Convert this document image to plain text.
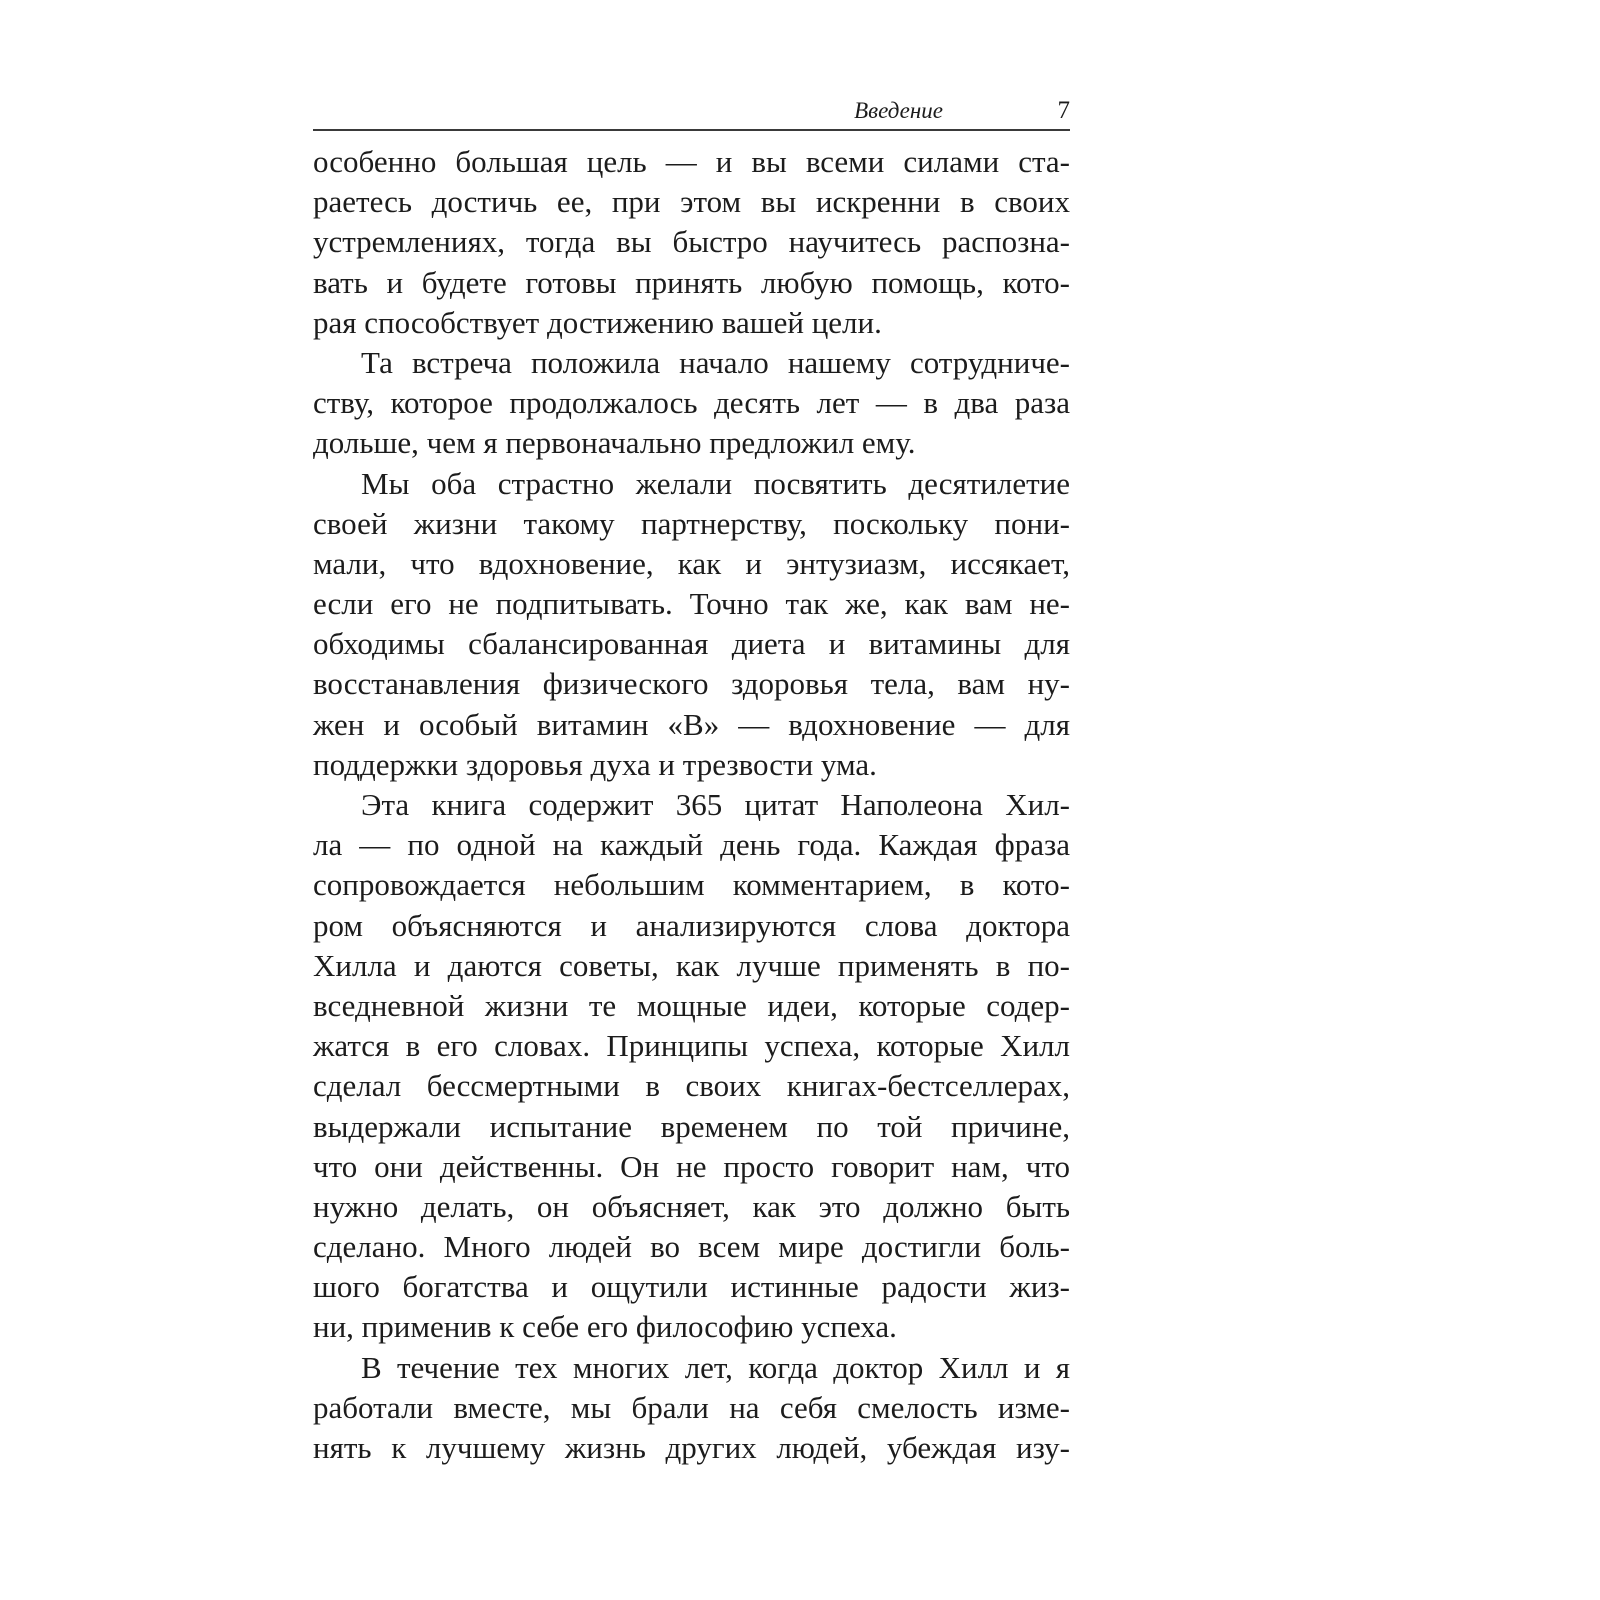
Введение	7
особенно большая цель — и вы всеми силами ста-
раетесь достичь ее, при этом вы искренни в своих
устремлениях, тогда вы быстро научитесь распозна-
вать и будете готовы принять любую помощь, кото-
рая способствует достижению вашей цели.
Та встреча положила начало нашему сотрудниче-
ству, которое продолжалось десять лет — в два раза
дольше, чем я первоначально предложил ему.
Мы оба страстно желали посвятить десятилетие
своей жизни такому партнерству, поскольку пони-
мали, что вдохновение, как и энтузиазм, иссякает,
если его не подпитывать. Точно так же, как вам не-
обходимы сбалансированная диета и витамины для
восстанавления физического здоровья тела, вам ну-
жен и особый витамин «В» — вдохновение — для
поддержки здоровья духа и трезвости ума.
Эта книга содержит 365 цитат Наполеона Хил-
ла — по одной на каждый день года. Каждая фраза
сопровождается небольшим комментарием, в кото-
ром объясняются и анализируются слова доктора
Хилла и даются советы, как лучше применять в по-
вседневной жизни те мощные идеи, которые содер-
жатся в его словах. Принципы успеха, которые Хилл
сделал бессмертными в своих книгах-бестселлерах,
выдержали испытание временем по той причине,
что они действенны. Он не просто говорит нам, что
нужно делать, он объясняет, как это должно быть
сделано. Много людей во всем мире достигли боль-
шого богатства и ощутили истинные радости жиз-
ни, применив к себе его философию успеха.
В течение тех многих лет, когда доктор Хилл и я
работали вместе, мы брали на себя смелость изме-
нять к лучшему жизнь других людей, убеждая изу-
